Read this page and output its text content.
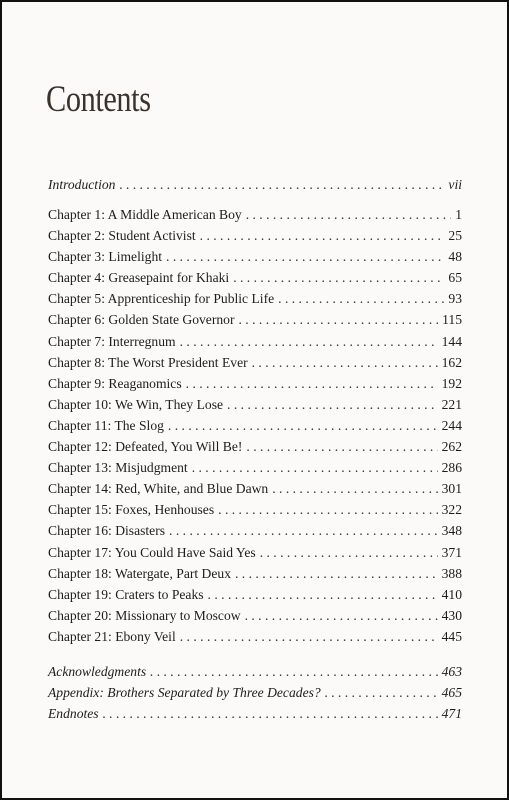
Contents
Introduction . . .	vii
Chapter 1: A Middle American Boy . . .	1
Chapter 2: Student Activist . . .	25
Chapter 3: Limelight . . .	48
Chapter 4: Greasepaint for Khaki . . .	65
Chapter 5: Apprenticeship for Public Life . . .	93
Chapter 6: Golden State Governor . . .	115
Chapter 7: Interregnum . . .	144
Chapter 8: The Worst President Ever . . .	162
Chapter 9: Reaganomics . . .	192
Chapter 10: We Win, They Lose . . .	221
Chapter 11: The Slog . . .	244
Chapter 12: Defeated, You Will Be! . . .	262
Chapter 13: Misjudgment . . .	286
Chapter 14: Red, White, and Blue Dawn . . .	301
Chapter 15: Foxes, Henhouses . . .	322
Chapter 16: Disasters . . .	348
Chapter 17: You Could Have Said Yes . . .	371
Chapter 18: Watergate, Part Deux . . .	388
Chapter 19: Craters to Peaks . . .	410
Chapter 20: Missionary to Moscow . . .	430
Chapter 21: Ebony Veil . . .	445
Acknowledgments . . .	463
Appendix: Brothers Separated by Three Decades? . . .	465
Endnotes . . .	471
